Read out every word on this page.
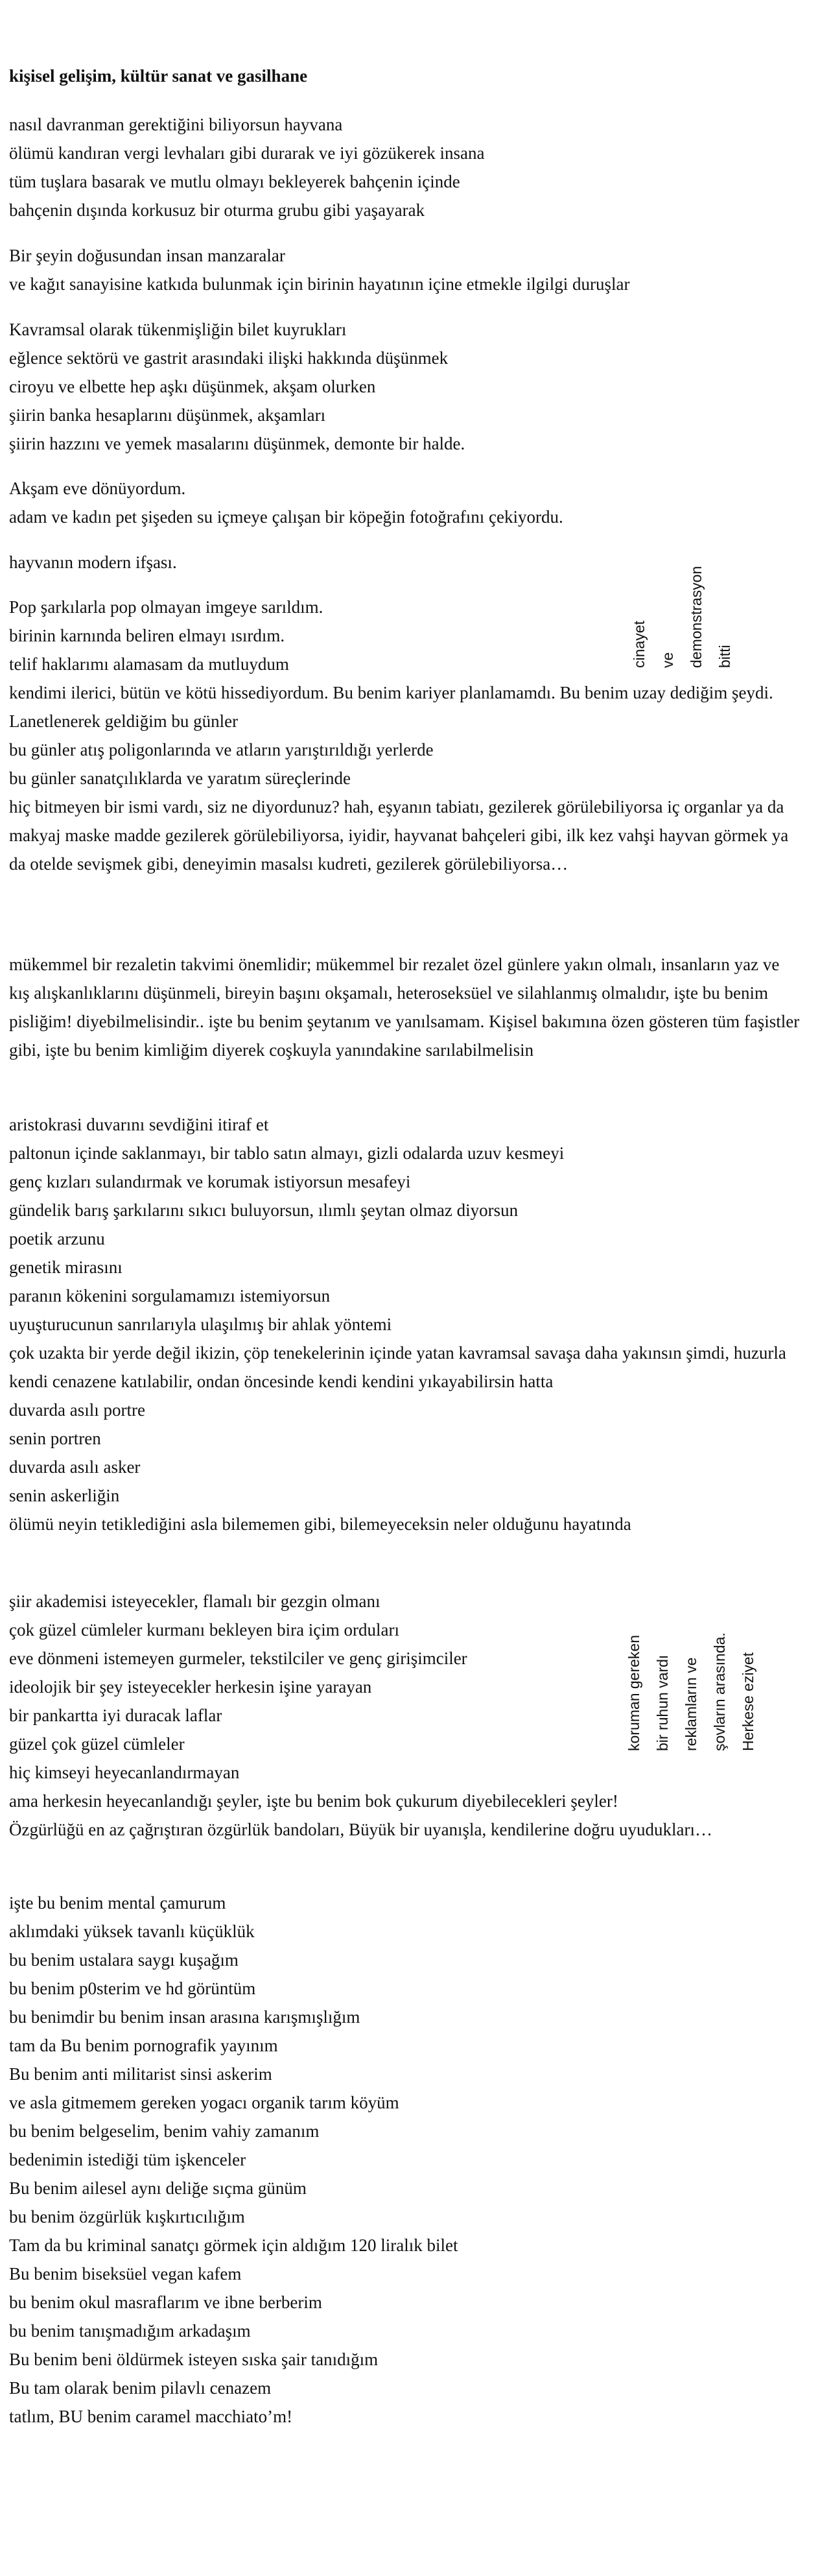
kişisel gelişim, kültür sanat ve gasilhane
nasıl davranman gerektiğini biliyorsun hayvana
ölümü kandıran vergi levhaları gibi durarak ve iyi gözükerek insana
tüm tuşlara basarak ve mutlu olmayı bekleyerek bahçenin içinde
bahçenin dışında korkusuz bir oturma grubu gibi yaşayarak
Bir şeyin doğusundan insan manzaralar
ve kağıt sanayisine katkıda bulunmak için birinin hayatının içine etmekle ilgilgi duruşlar
Kavramsal olarak tükenmişliğin bilet kuyrukları
eğlence sektörü ve gastrit arasındaki ilişki hakkında düşünmek
ciroyu ve elbette hep aşkı düşünmek, akşam olurken
şiirin banka hesaplarını düşünmek, akşamları
şiirin hazzını ve yemek masalarını düşünmek, demonte bir halde.
Akşam eve dönüyordum.
adam ve kadın pet şişeden su içmeye çalışan bir köpeğin fotoğrafını çekiyordu.
hayvanın modern ifşası.
Pop şarkılarla pop olmayan imgeye sarıldım.
birinin karnında beliren elmayı ısırdım.
telif haklarımı alamasam da mutluydum
kendimi ilerici, bütün ve kötü hissediyordum. Bu benim kariyer planlamamdı. Bu benim uzay dediğim şeydi.
Lanetlenerek geldiğim bu günler
bu günler atış poligonlarında ve atların yarıştırıldığı yerlerde
bu günler sanatçılıklarda ve yaratım süreçlerinde
hiç bitmeyen bir ismi vardı, siz ne diyordunuz? hah, eşyanın tabiatı, gezilerek görülebiliyorsa iç organlar ya da makyaj maske madde gezilerek görülebiliyorsa, iyidir, hayvanat bahçeleri gibi, ilk kez vahşi hayvan görmek ya da otelde sevişmek gibi, deneyimin masalsı kudreti, gezilerek görülebiliyorsa…
cinayet ve demonstrasyon bitti
mükemmel bir rezaletin takvimi önemlidir; mükemmel bir rezalet özel günlere yakın olmalı, insanların yaz ve kış alışkanlıklarını düşünmeli, bireyin başını okşamalı, heteroseksüel ve silahlanmış olmalıdır, işte bu benim pisliğim! diyebilmelisindir.. işte bu benim şeytanım ve yanılsamam. Kişisel bakımına özen gösteren tüm faşistler gibi, işte bu benim kimliğim diyerek coşkuyla yanındakine sarılabilmelisin
aristokrasi duvarını sevdiğini itiraf et
paltonun içinde saklanmayı, bir tablo satın almayı, gizli odalarda uzuv kesmeyi
genç kızları sulandırmak ve korumak istiyorsun mesafeyi
gündelik barış şarkılarını sıkıcı buluyorsun, ılımlı şeytan olmaz diyorsun
poetik arzunu
genetik mirasını
paranın kökenini sorgulamamızı istemiyorsun
uyuşturucunun sanrılarıyla ulaşılmış bir ahlak yöntemi
çok uzakta bir yerde değil ikizin, çöp tenekelerinin içinde yatan kavramsal savaşa daha yakınsın şimdi, huzurla kendi cenazene katılabilir, ondan öncesinde kendi kendini yıkayabilirsin hatta
duvarda asılı portre
senin portren
duvarda asılı asker
senin askerliğin
ölümü neyin tetiklediğini asla bilememen gibi, bilemeyeceksin neler olduğunu hayatında
şiir akademisi isteyecekler, flamalı bir gezgin olmanı
çok güzel cümleler kurmanı bekleyen bira içim orduları
eve dönmeni istemeyen gurmeler, tekstilciler ve genç girişimciler
ideolojik bir şey isteyecekler herkesin işine yarayan
bir pankartta iyi duracak laflar
güzel çok güzel cümleler
hiç kimseyi heyecanlandırmayan
ama herkesin heyecanlandığı şeyler, işte bu benim bok çukurum diyebilecekleri şeyler!
Özgürlüğü en az çağrıştıran özgürlük bandoları, Büyük bir uyanışla, kendilerine doğru uyudukları…
koruman gereken bir ruhun vardı reklamların ve şovların arasında. Herkese eziyet
işte bu benim mental çamurum
aklımdaki yüksek tavanlı küçüklük
bu benim ustalara saygı kuşağım
bu benim p0sterim ve hd görüntüm
bu benimdir bu benim insan arasına karışmışlığım
tam da Bu benim pornografik yayınım
Bu benim anti militarist sinsi askerim
ve asla gitmemem gereken yogacı organik tarım köyüm
bu benim belgeselim, benim vahiy zamanım
bedenimin istediği tüm işkenceler
Bu benim ailesel aynı deliğe sıçma günüm
bu benim özgürlük kışkırtıcılığım
Tam da bu kriminal sanatçı görmek için aldığım 120 liralık bilet
Bu benim biseksüel vegan kafem
bu benim okul masraflarım ve ibne berberim
bu benim tanışmadığım arkadaşım
Bu benim beni öldürmek isteyen sıska şair tanıdığım
Bu tam olarak benim pilavlı cenazem
tatlım, BU benim caramel macchiato’m!
